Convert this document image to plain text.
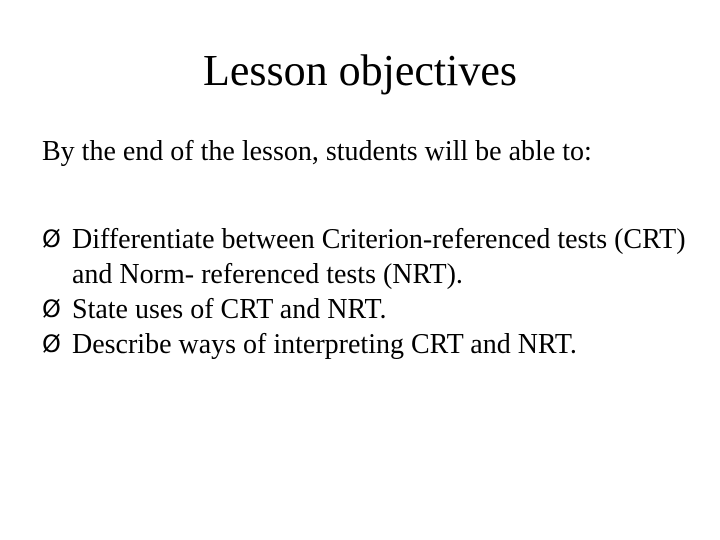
Lesson objectives

By the end of the lesson, students will be able to:

Ø Differentiate between Criterion-referenced tests (CRT) and Norm- referenced tests (NRT).
Ø State uses of CRT and NRT.
Ø Describe ways of interpreting CRT and NRT.
